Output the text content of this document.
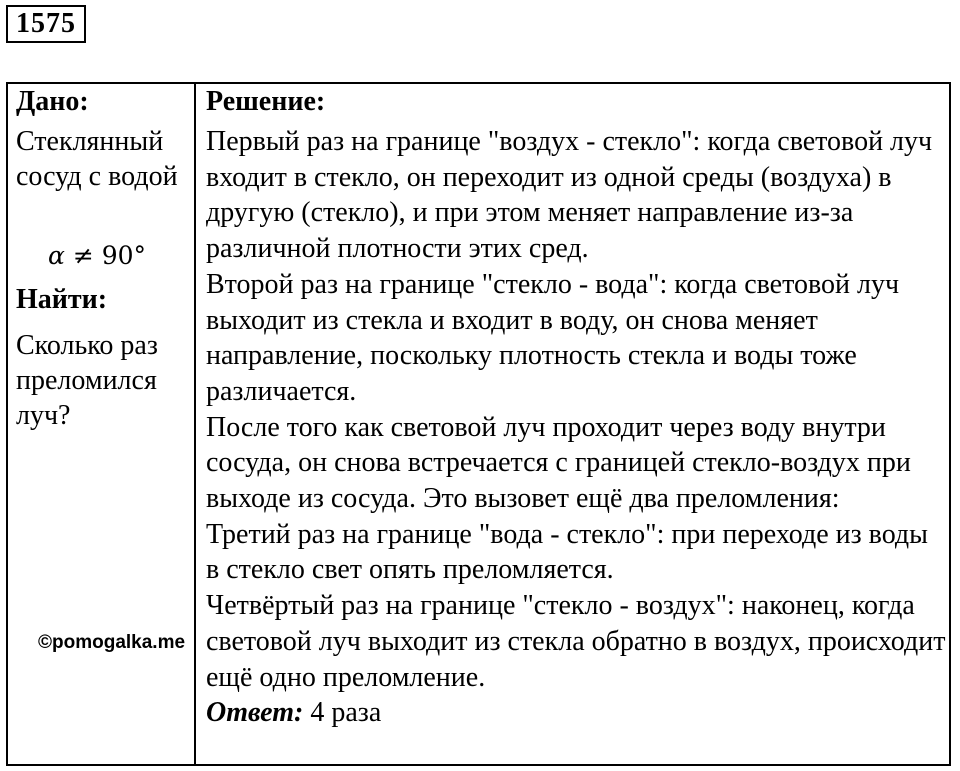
1575
Дано:
Стеклянный сосуд с водой
α ≠ 90°
Найти:
Сколько раз преломился луч?
Решение:

Первый раз на границе "воздух - стекло": когда световой луч входит в стекло, он переходит из одной среды (воздуха) в другую (стекло), и при этом меняет направление из-за различной плотности этих сред.

Второй раз на границе "стекло - вода": когда световой луч выходит из стекла и входит в воду, он снова меняет направление, поскольку плотность стекла и воды тоже различается.

После того как световой луч проходит через воду внутри сосуда, он снова встречается с границей стекло-воздух при выходе из сосуда. Это вызовет ещё два преломления:

Третий раз на границе "вода - стекло": при переходе из воды в стекло свет опять преломляется.

Четвёртый раз на границе "стекло - воздух": наконец, когда световой луч выходит из стекла обратно в воздух, происходит ещё одно преломление.

Ответ: 4 раза

©pomogalka.me
